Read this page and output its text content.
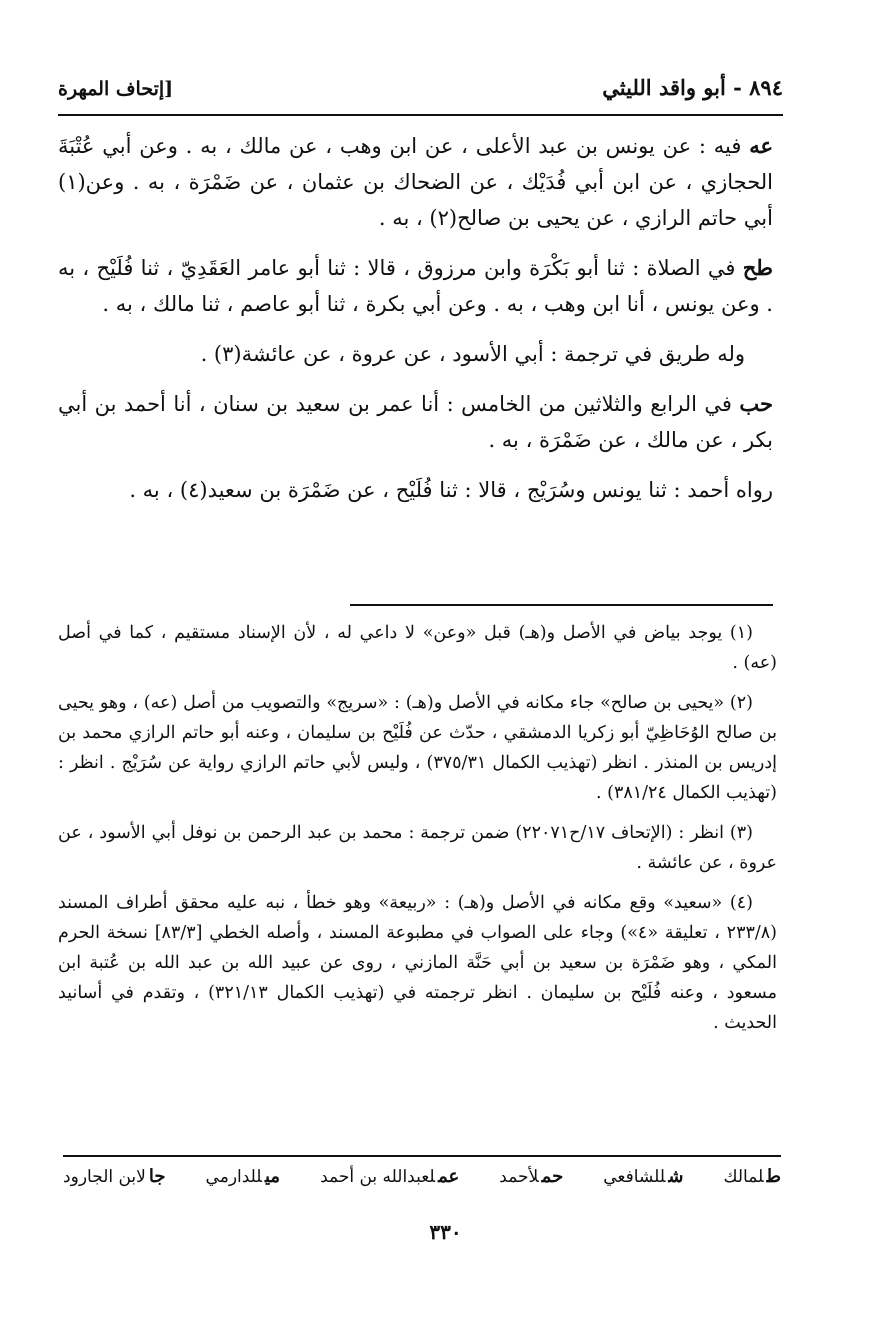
٨٩٤ - أبو واقد الليثي
[إتحاف المهرة

عه فيه : عن يونس بن عبد الأعلى ، عن ابن وهب ، عن مالك ، به . وعن أبي عُتْبَةَ الحجازي ، عن ابن أبي فُدَيْك ، عن الضحاك بن عثمان ، عن ضَمْرَة ، به . وعن(١) أبي حاتم الرازي ، عن يحيى بن صالح(٢) ، به .

طح في الصلاة : ثنا أبو بَكْرَة وابن مرزوق ، قالا : ثنا أبو عامر العَقَدِيّ ، ثنا فُلَيْح ، به . وعن يونس ، أنا ابن وهب ، به . وعن أبي بكرة ، ثنا أبو عاصم ، ثنا مالك ، به .

وله طريق في ترجمة : أبي الأسود ، عن عروة ، عن عائشة(٣) .

حب في الرابع والثلاثين من الخامس : أنا عمر بن سعيد بن سنان ، أنا أحمد بن أبي بكر ، عن مالك ، عن ضَمْرَة ، به .

رواه أحمد : ثنا يونس وسُرَيْج ، قالا : ثنا فُلَيْح ، عن ضَمْرَة بن سعيد(٤) ، به .

(١) يوجد بياض في الأصل و(هـ) قبل «وعن» لا داعي له ، لأن الإسناد مستقيم ، كما في أصل (عه) .

(٢) «يحيى بن صالح» جاء مكانه في الأصل و(هـ) : «سريج» والتصويب من أصل (عه) ، وهو يحيى بن صالح الوُحَاظِيّ أبو زكريا الدمشقي ، حدّث عن فُلَيْح بن سليمان ، وعنه أبو حاتم الرازي محمد بن إدريس بن المنذر . انظر (تهذيب الكمال ٣٧٥/٣١) ، وليس لأبي حاتم الرازي رواية عن سُرَيْج . انظر : (تهذيب الكمال ٣٨١/٢٤) .

(٣) انظر : (الإتحاف ١٧/ح٢٢٠٧١) ضمن ترجمة : محمد بن عبد الرحمن بن نوفل أبي الأسود ، عن عروة ، عن عائشة .

(٤) «سعيد» وقع مكانه في الأصل و(هـ) : «ربيعة» وهو خطأ ، نبه عليه محقق أطراف المسند (٢٣٣/٨ ، تعليقة «٤») وجاء على الصواب في مطبوعة المسند ، وأصله الخطي [٨٣/٣] نسخة الحرم المكي ، وهو ضَمْرَة بن سعيد بن أبي حَنَّة المازني ، روى عن عبيد الله بن عبد الله بن عُتبة ابن مسعود ، وعنه فُلَيْح بن سليمان . انظر ترجمته في (تهذيب الكمال ٣٢١/١٣) ، وتقدم في أسانيد الحديث .

طلمالك
شللشافعي
حملأحمد
عملعبدالله بن أحمد
ميللدارمي
جالابن الجارود
٣٣٠
